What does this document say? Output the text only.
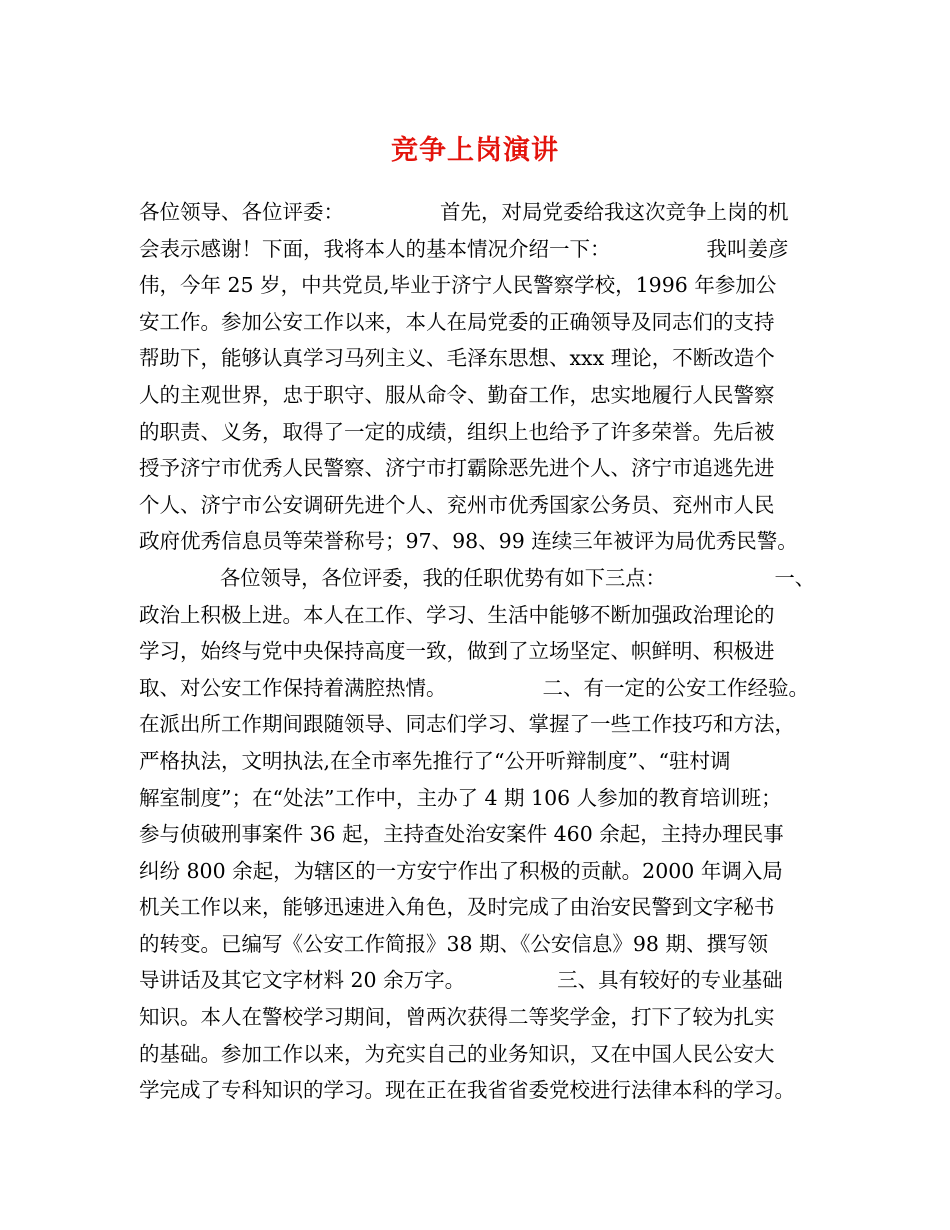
竞争上岗演讲

各位领导、各位评委：	首先，对局党委给我这次竞争上岗的机

会表示感谢！下面，我将本人的基本情况介绍一下：	我叫姜彦

伟，今年 25 岁，中共党员,毕业于济宁人民警察学校，1996 年参加公

安工作。参加公安工作以来，本人在局党委的正确领导及同志们的支持

帮助下，能够认真学习马列主义、毛泽东思想、xxx 理论，不断改造个

人的主观世界，忠于职守、服从命令、勤奋工作，忠实地履行人民警察

的职责、义务，取得了一定的成绩，组织上也给予了许多荣誉。先后被

授予济宁市优秀人民警察、济宁市打霸除恶先进个人、济宁市追逃先进

个人、济宁市公安调研先进个人、兖州市优秀国家公务员、兖州市人民

政府优秀信息员等荣誉称号；97、98、99 连续三年被评为局优秀民警。

各位领导，各位评委，我的任职优势有如下三点：	一、

政治上积极上进。本人在工作、学习、生活中能够不断加强政治理论的

学习，始终与党中央保持高度一致，做到了立场坚定、帜鲜明、积极进

取、对公安工作保持着满腔热情。	二、有一定的公安工作经验。

在派出所工作期间跟随领导、同志们学习、掌握了一些工作技巧和方法，

严格执法，文明执法,在全市率先推行了“公开听辩制度”、“驻村调

解室制度”；在“处法”工作中，主办了 4 期 106 人参加的教育培训班；

参与侦破刑事案件 36 起，主持查处治安案件 460 余起，主持办理民事

纠纷 800 余起，为辖区的一方安宁作出了积极的贡献。2000 年调入局

机关工作以来，能够迅速进入角色，及时完成了由治安民警到文字秘书

的转变。已编写《公安工作简报》38 期、《公安信息》98 期、撰写领

导讲话及其它文字材料 20 余万字。	三、具有较好的专业基础

知识。本人在警校学习期间，曾两次获得二等奖学金，打下了较为扎实

的基础。参加工作以来，为充实自己的业务知识，又在中国人民公安大

学完成了专科知识的学习。现在正在我省省委党校进行法律本科的学习。
